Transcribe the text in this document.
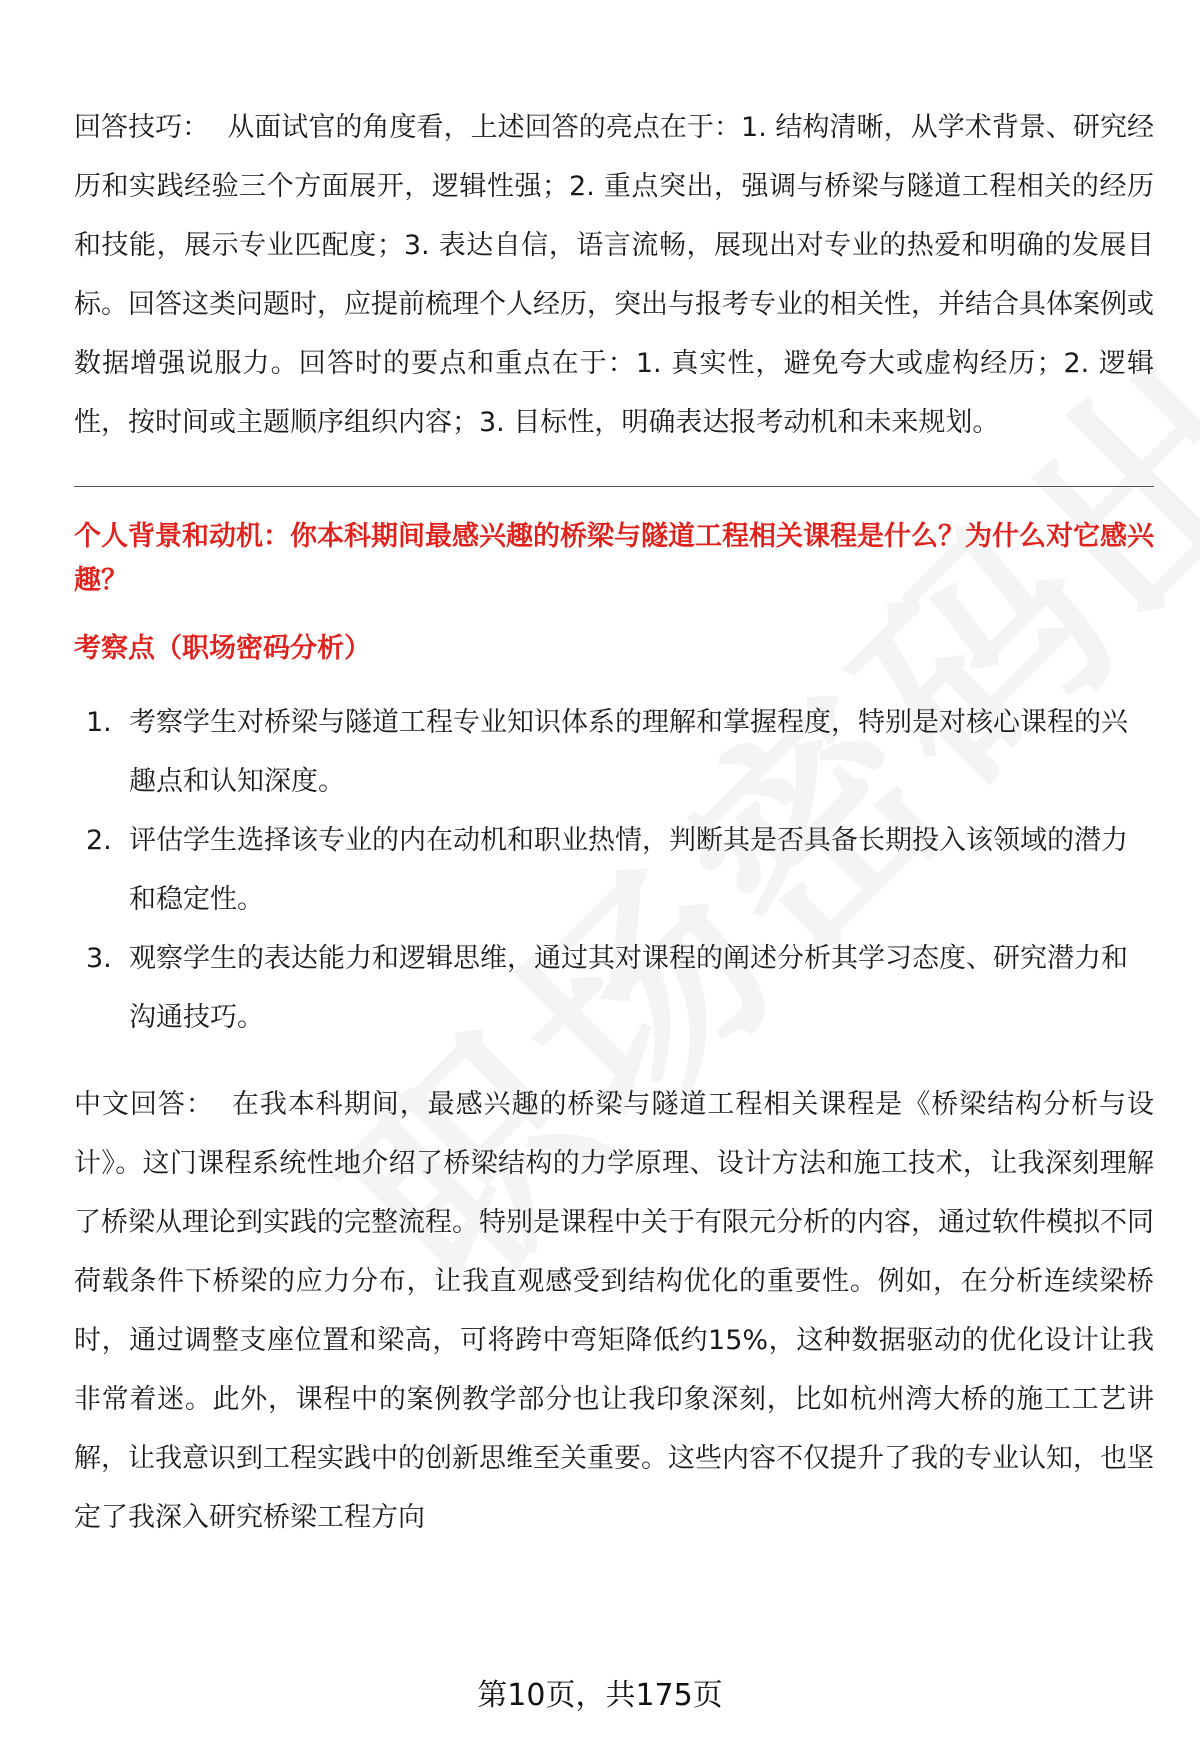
回答技巧： 从面试官的角度看，上述回答的亮点在于：1. 结构清晰，从学术背景、研究经历和实践经验三个方面展开，逻辑性强；2. 重点突出，强调与桥梁与隧道工程相关的经历和技能，展示专业匹配度；3. 表达自信，语言流畅，展现出对专业的热爱和明确的发展目标。回答这类问题时，应提前梳理个人经历，突出与报考专业的相关性，并结合具体案例或数据增强说服力。回答时的要点和重点在于：1. 真实性，避免夸大或虚构经历；2. 逻辑性，按时间或主题顺序组织内容；3. 目标性，明确表达报考动机和未来规划。

个人背景和动机：你本科期间最感兴趣的桥梁与隧道工程相关课程是什么？为什么对它感兴趣？

考察点（职场密码分析）

1. 考察学生对桥梁与隧道工程专业知识体系的理解和掌握程度，特别是对核心课程的兴趣点和认知深度。
2. 评估学生选择该专业的内在动机和职业热情，判断其是否具备长期投入该领域的潜力和稳定性。
3. 观察学生的表达能力和逻辑思维，通过其对课程的阐述分析其学习态度、研究潜力和沟通技巧。

中文回答： 在我本科期间，最感兴趣的桥梁与隧道工程相关课程是《桥梁结构分析与设计》。这门课程系统性地介绍了桥梁结构的力学原理、设计方法和施工技术，让我深刻理解了桥梁从理论到实践的完整流程。特别是课程中关于有限元分析的内容，通过软件模拟不同荷载条件下桥梁的应力分布，让我直观感受到结构优化的重要性。例如，在分析连续梁桥时，通过调整支座位置和梁高，可将跨中弯矩降低约15%，这种数据驱动的优化设计让我非常着迷。此外，课程中的案例教学部分也让我印象深刻，比如杭州湾大桥的施工工艺讲解，让我意识到工程实践中的创新思维至关重要。这些内容不仅提升了我的专业认知，也坚定了我深入研究桥梁工程方向

第10页，共175页
